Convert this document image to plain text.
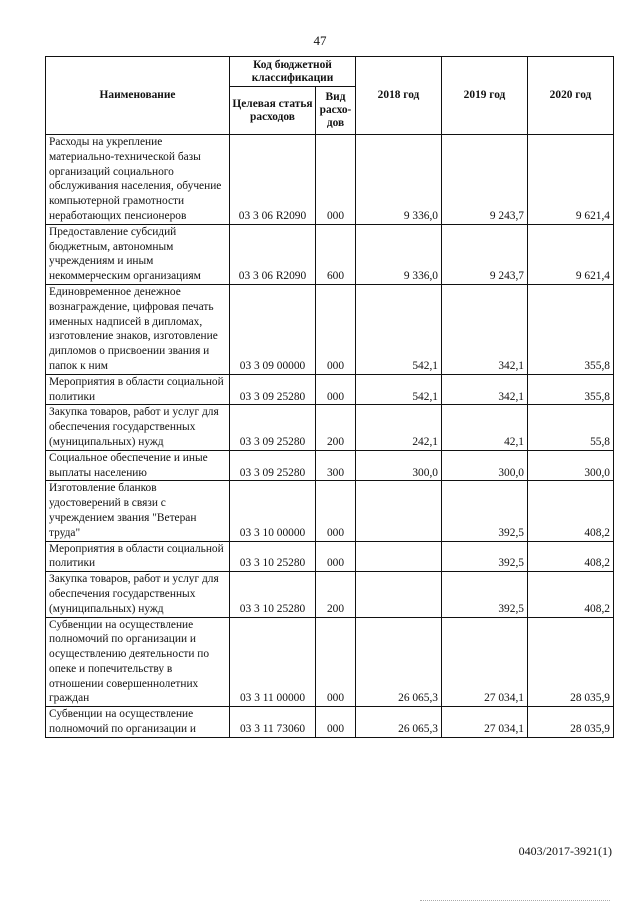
47
Наименование	Код бюджетной классификации		2018 год	2019 год	2020 год
	Целевая статья расходов	Вид расхо-дов			
Расходы на укрепление материально-технической базы организаций социального обслуживания населения, обучение компьютерной грамотности неработающих пенсионеров	03 3 06 R2090	000	9 336,0	9 243,7	9 621,4
Предоставление субсидий бюджетным, автономным учреждениям и иным некоммерческим организациям	03 3 06 R2090	600	9 336,0	9 243,7	9 621,4
Единовременное денежное вознаграждение, цифровая печать именных надписей в дипломах, изготовление знаков, изготовление дипломов о присвоении звания и папок к ним	03 3 09 00000	000	542,1	342,1	355,8
Мероприятия в области социальной политики	03 3 09 25280	000	542,1	342,1	355,8
Закупка товаров, работ и услуг для обеспечения государственных (муниципальных) нужд	03 3 09 25280	200	242,1	42,1	55,8
Социальное обеспечение и иные выплаты населению	03 3 09 25280	300	300,0	300,0	300,0
Изготовление бланков удостоверений в связи с учреждением звания "Ветеран труда"	03 3 10 00000	000		392,5	408,2
Мероприятия в области социальной политики	03 3 10 25280	000		392,5	408,2
Закупка товаров, работ и услуг для обеспечения государственных (муниципальных) нужд	03 3 10 25280	200		392,5	408,2
Субвенции на осуществление полномочий по организации и осуществлению деятельности по опеке и попечительству в отношении совершеннолетних граждан	03 3 11 00000	000	26 065,3	27 034,1	28 035,9
Субвенции на осуществление полномочий по организации и	03 3 11 73060	000	26 065,3	27 034,1	28 035,9
0403/2017-3921(1)
